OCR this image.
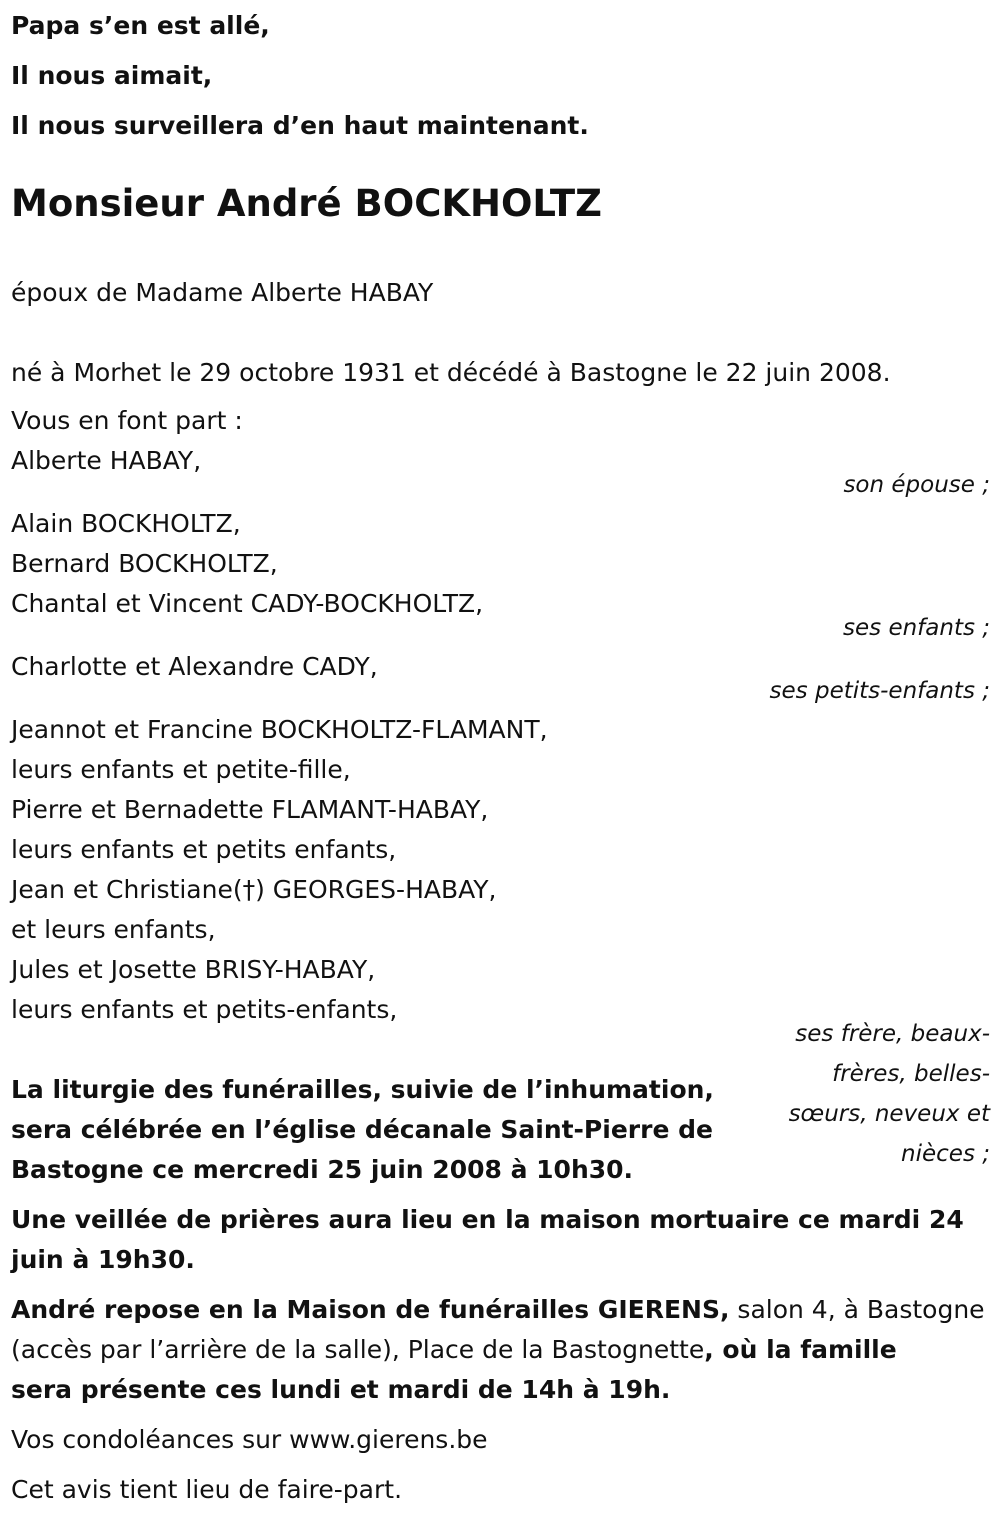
Papa s’en est allé,
Il nous aimait,
Il nous surveillera d’en haut maintenant.
Monsieur André BOCKHOLTZ
époux de Madame Alberte HABAY
né à Morhet le 29 octobre 1931 et décédé à Bastogne le 22 juin 2008.
Vous en font part :
Alberte HABAY,
son épouse ;
Alain BOCKHOLTZ,
Bernard BOCKHOLTZ,
Chantal et Vincent CADY-BOCKHOLTZ,
ses enfants ;
Charlotte et Alexandre CADY,
ses petits-enfants ;
Jeannot et Francine BOCKHOLTZ-FLAMANT,
leurs enfants et petite-fille,
Pierre et Bernadette FLAMANT-HABAY,
leurs enfants et petits enfants,
Jean et Christiane(†) GEORGES-HABAY,
et leurs enfants,
Jules et Josette BRISY-HABAY,
leurs enfants et petits-enfants,
ses frère, beaux-
frères, belles-
sœurs, neveux et
nièces ;
La liturgie des funérailles, suivie de l’inhumation,
sera célébrée en l’église décanale Saint-Pierre de
Bastogne ce mercredi 25 juin 2008 à 10h30.
Une veillée de prières aura lieu en la maison mortuaire ce mardi 24
juin à 19h30.
André repose en la Maison de funérailles GIERENS, salon 4, à Bastogne
(accès par l’arrière de la salle), Place de la Bastognette, où la famille
sera présente ces lundi et mardi de 14h à 19h.
Vos condoléances sur www.gierens.be
Cet avis tient lieu de faire-part.
